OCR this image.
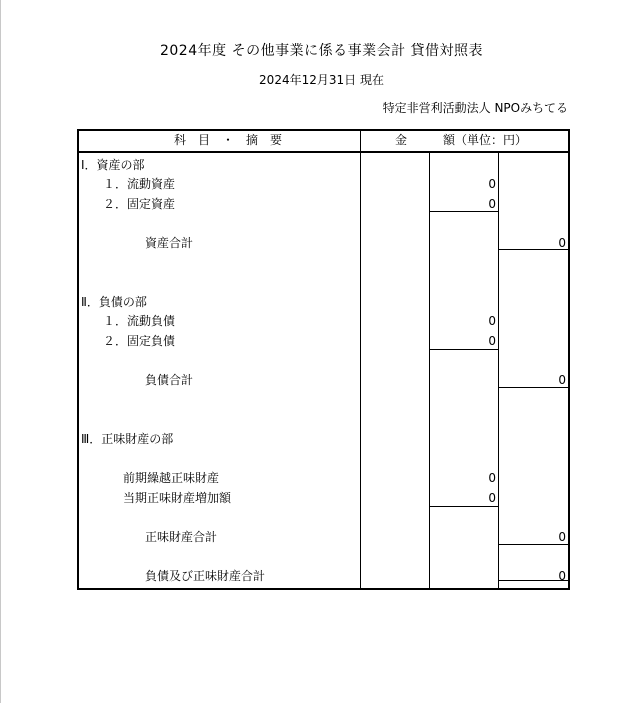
2024年度 その他事業に係る事業会計 貸借対照表
2024年12月31日 現在
特定非営利活動法人 NPOみちてる
科　目　・　摘　要	金　　　額（単位：円）
Ⅰ．資産の部
１．流動資産	0
２．固定資産	0
資産合計	0
Ⅱ．負債の部
１．流動負債	0
２．固定負債	0
負債合計	0
Ⅲ．正味財産の部
前期繰越正味財産	0
当期正味財産増加額	0
正味財産合計	0
負債及び正味財産合計	0
